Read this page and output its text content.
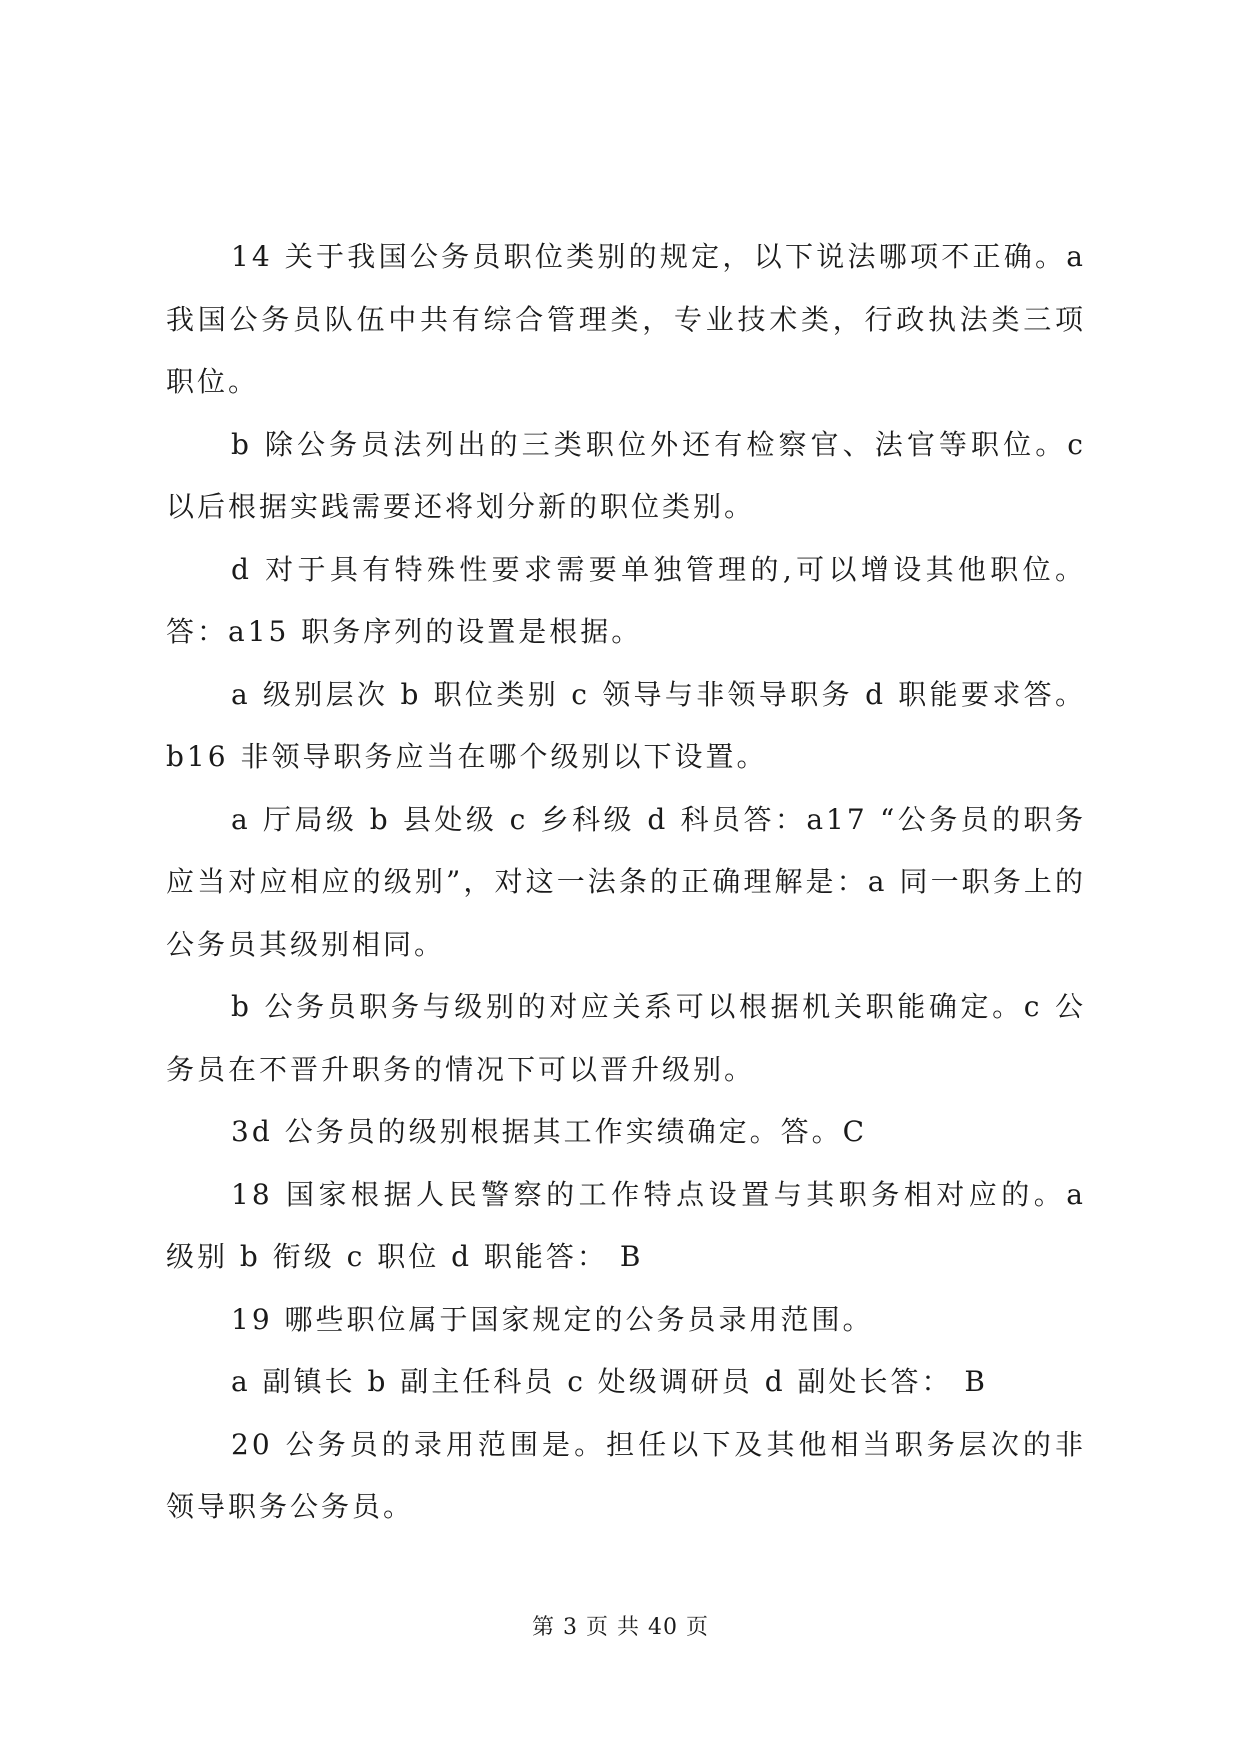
14 关于我国公务员职位类别的规定，以下说法哪项不正确。a 我国公务员队伍中共有综合管理类，专业技术类，行政执法类三项职位。

b 除公务员法列出的三类职位外还有检察官、法官等职位。c 以后根据实践需要还将划分新的职位类别。

d 对于具有特殊性要求需要单独管理的,可以增设其他职位。答：a15 职务序列的设置是根据。

a 级别层次 b 职位类别 c 领导与非领导职务 d 职能要求答。b16 非领导职务应当在哪个级别以下设置。

a 厅局级 b 县处级 c 乡科级 d 科员答：a17 “公务员的职务应当对应相应的级别”，对这一法条的正确理解是：a 同一职务上的公务员其级别相同。

b 公务员职务与级别的对应关系可以根据机关职能确定。c 公务员在不晋升职务的情况下可以晋升级别。

3d 公务员的级别根据其工作实绩确定。答。C

18 国家根据人民警察的工作特点设置与其职务相对应的。a 级别 b 衔级 c 职位 d 职能答： B

19 哪些职位属于国家规定的公务员录用范围。

a 副镇长 b 副主任科员 c 处级调研员 d 副处长答： B

20 公务员的录用范围是。担任以下及其他相当职务层次的非领导职务公务员。

第 3 页 共 40 页
